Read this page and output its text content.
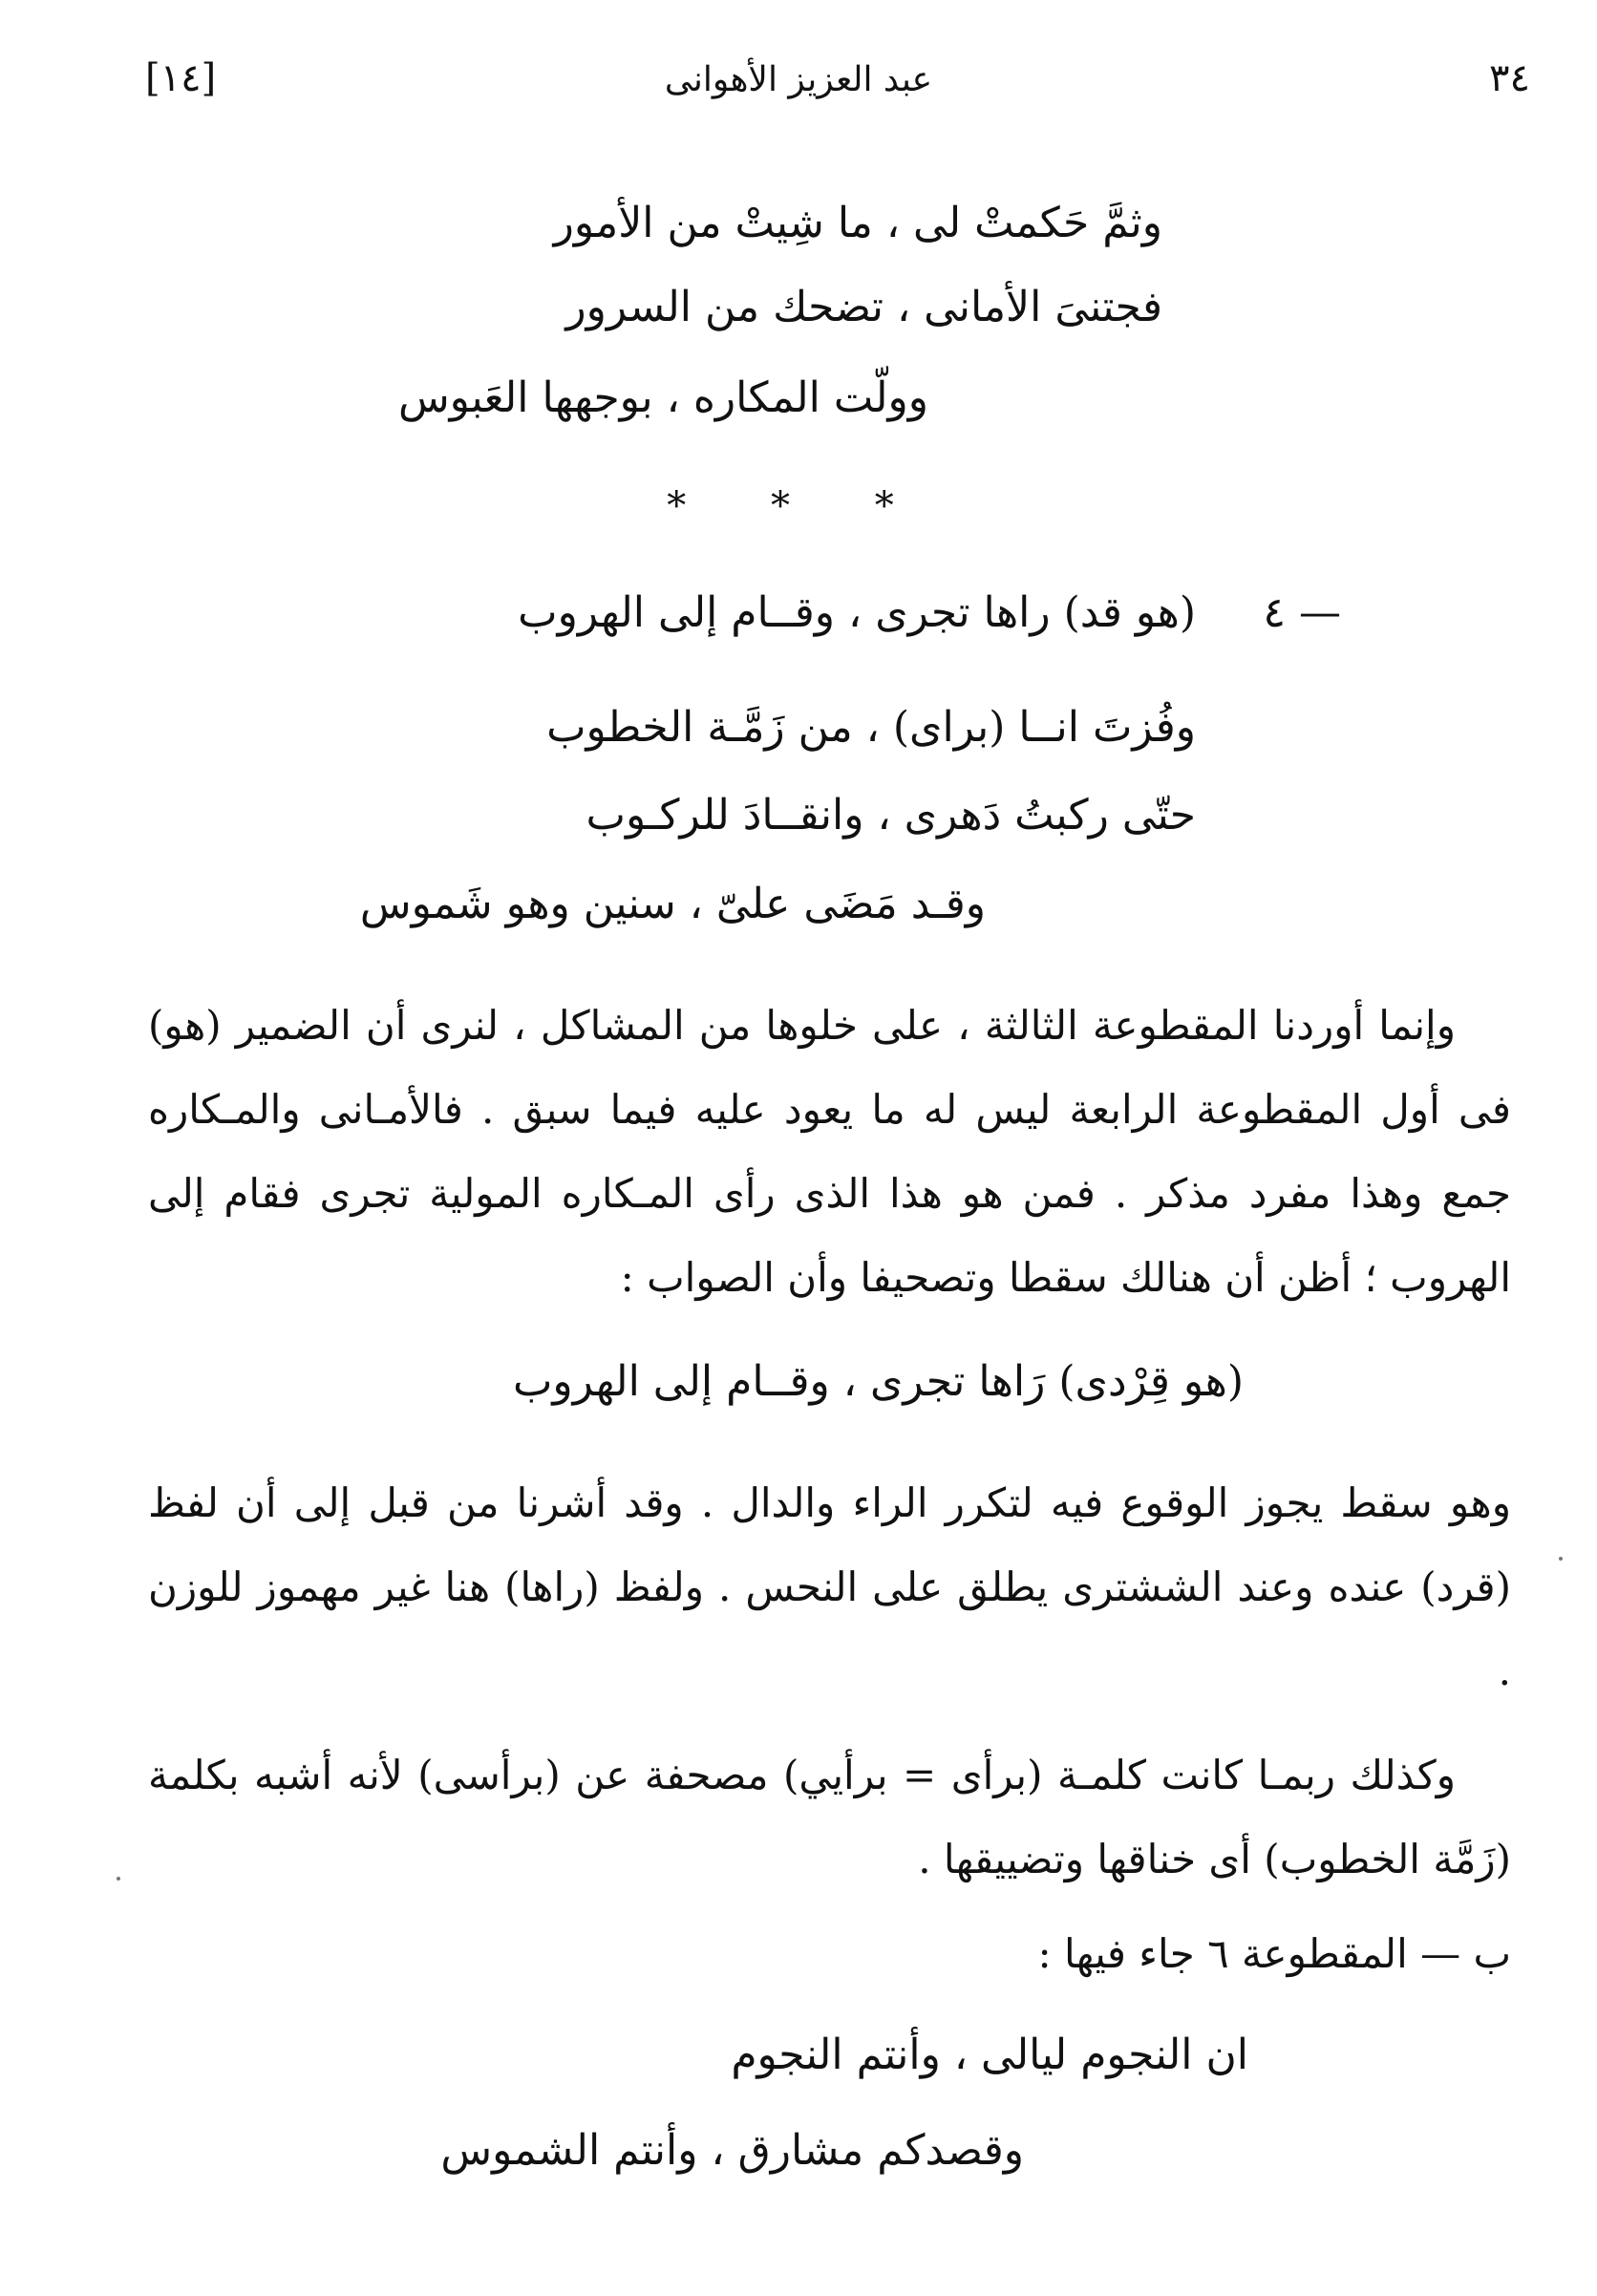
٣٤
عبد العزيز الأهوانى
[١٤]
وثمَّ حَكمتْ لى ، ما شِيتْ من الأمور
فجتنىَ الأمانى ، تضحك من السرور
وولّت المكاره ، بوجهها العَبوس
* * *
٤ —
(هو قد) راها تجرى ، وقــام إلى الهروب
وفُزتَ انــا (براى) ، من زَمَّـة الخطوب
حتّى ركبتُ دَهرى ، وانقــادَ للركـوب
وقـد مَضَى علىّ ، سنين وهو شَموس

وإنما أوردنا المقطوعة الثالثة ، على خلوها من المشاكل ، لنرى أن الضمير (هو) فى أول المقطوعة الرابعة ليس له ما يعود عليه فيما سبق . فالأمـانى والمـكاره جمع وهذا مفرد مذكر . فمن هو هذا الذى رأى المـكاره المولية تجرى فقام إلى الهروب ؛ أظن أن هنالك سقطا وتصحيفا وأن الصواب :

(هو قِرْدى) رَاها تجرى ، وقــام إلى الهروب

وهو سقط يجوز الوقوع فيه لتكرر الراء والدال . وقد أشرنا من قبل إلى أن لفظ (قرد) عنده وعند الششترى يطلق على النحس . ولفظ (راها) هنا غير مهموز للوزن .

وكذلك ربمـا كانت كلمـة (برأى = برأيي) مصحفة عن (برأسى) لأنه أشبه بكلمة (زَمَّة الخطوب) أى خناقها وتضييقها .

ب — المقطوعة ٦ جاء فيها :
ان النجوم ليالى ، وأنتم النجوم
وقصدكم مشارق ، وأنتم الشموس
